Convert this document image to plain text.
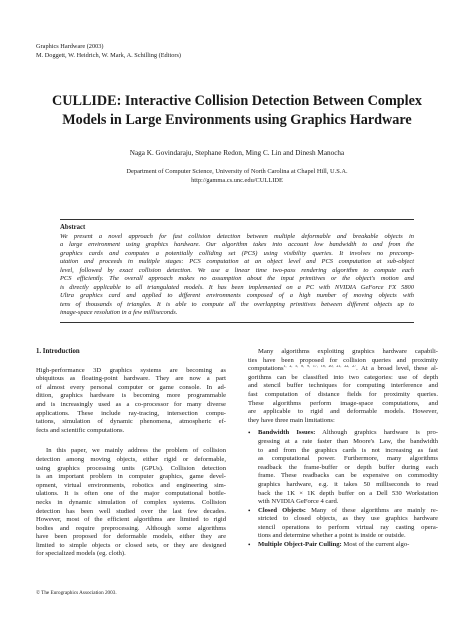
Graphics Hardware (2003)
M. Doggett, W. Heidrich, W. Mark, A. Schilling (Editors)
CULLIDE: Interactive Collision Detection Between Complex
Models in Large Environments using Graphics Hardware
Naga K. Govindaraju, Stephane Redon, Ming C. Lin and Dinesh Manocha
Department of Computer Science, University of North Carolina at Chapel Hill, U.S.A.
http://gamma.cs.unc.edu/CULLIDE
Abstract
We present a novel approach for fast collision detection between multiple deformable and breakable objects in
a large environment using graphics hardware. Our algorithm takes into account low bandwidth to and from the
graphics cards and computes a potentially colliding set (PCS) using visibility queries. It involves no precomp-
utation and proceeds in multiple stages: PCS computation at an object level and PCS computation at sub-object
level, followed by exact collision detection. We use a linear time two-pass rendering algorithm to compute each
PCS efficiently. The overall approach makes no assumption about the input primitives or the object's motion and
is directly applicable to all triangulated models. It has been implemented on a PC with NVIDIA GeForce FX 5800
Ultra graphics card and applied to different environments composed of a high number of moving objects with
tens of thousands of triangles. It is able to compute all the overlapping primitives between different objects up to
image-space resolution in a few milliseconds.
1. Introduction
High-performance 3D graphics systems are becoming as
ubiquitous as floating-point hardware. They are now a part
of almost every personal computer or game console. In ad-
dition, graphics hardware is becoming more programmable
and is increasingly used as a co-processor for many diverse
applications. These include ray-tracing, intersection compu-
tations, simulation of dynamic phenomena, atmospheric ef-
fects and scientific computations.
In this paper, we mainly address the problem of collision
detection among moving objects, either rigid or deformable,
using graphics processing units (GPUs). Collision detection
is an important problem in computer graphics, game devel-
opment, virtual environments, robotics and engineering sim-
ulations. It is often one of the major computational bottle-
necks in dynamic simulation of complex systems. Collision
detection has been well studied over the last few decades.
However, most of the efficient algorithms are limited to rigid
bodies and require preprocessing. Although some algorithms
have been proposed for deformable models, either they are
limited to simple objects or closed sets, or they are designed
for specialized models (eg. cloth).
Many algorithms exploiting graphics hardware capabili-
ties have been proposed for collision queries and proximity
computations$^{1, 2, 5, 8, 9, 17, 18, 20, 21, 22, 27}$. At a broad level, these al-
gorithms can be classified into two categories: use of depth
and stencil buffer techniques for computing interference and
fast computation of distance fields for proximity queries.
These algorithms perform image-space computations, and
are applicable to rigid and deformable models. However,
they have three main limitations:
• Bandwidth Issues: Although graphics hardware is pro-
gressing at a rate faster than Moore's Law, the bandwidth
to and from the graphics cards is not increasing as fast
as computational power. Furthermore, many algorithms
readback the frame-buffer or depth buffer during each
frame. These readbacks can be expensive on commodity
graphics hardware, e.g. it takes 50 milliseconds to read
back the 1K × 1K depth buffer on a Dell 530 Workstation
with NVIDIA GeForce 4 card.
• Closed Objects: Many of these algorithms are mainly re-
stricted to closed objects, as they use graphics hardware
stencil operations to perform virtual ray casting opera-
tions and determine whether a point is inside or outside.
• Multiple Object-Pair Culling: Most of the current algo-
© The Eurographics Association 2003.
